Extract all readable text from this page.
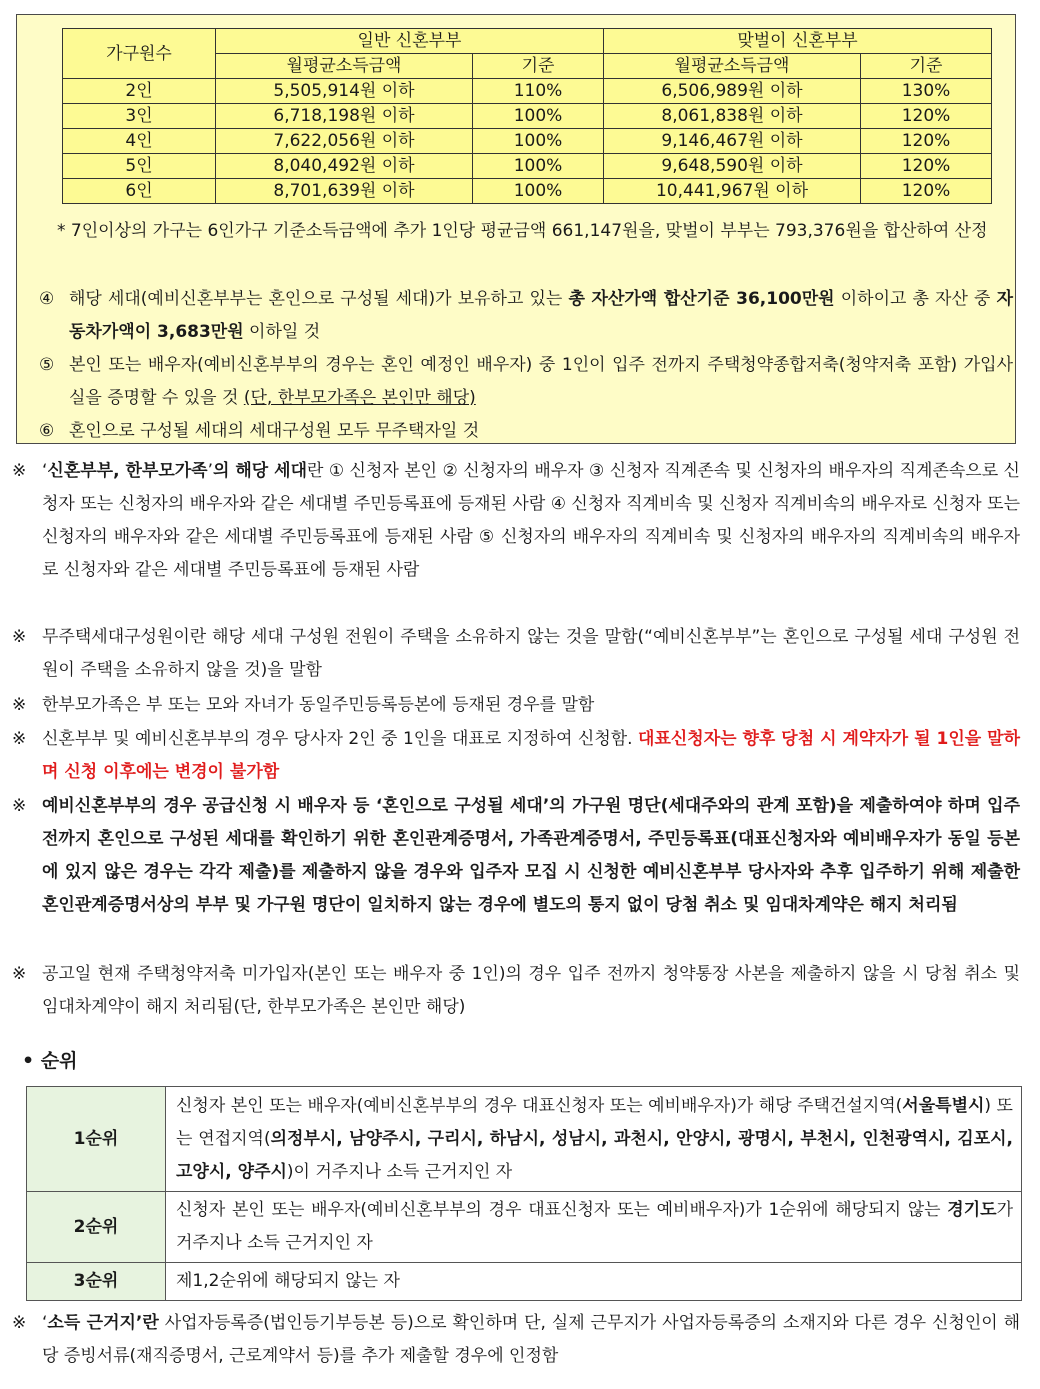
가구원수	일반 신혼부부		맞벌이 신혼부부	
	월평균소득금액	기준	월평균소득금액	기준
2인	5,505,914원 이하	110%	6,506,989원 이하	130%
3인	6,718,198원 이하	100%	8,061,838원 이하	120%
4인	7,622,056원 이하	100%	9,146,467원 이하	120%
5인	8,040,492원 이하	100%	9,648,590원 이하	120%
6인	8,701,639원 이하	100%	10,441,967원 이하	120%
* 7인이상의 가구는 6인가구 기준소득금액에 추가 1인당 평균금액 661,147원을, 맞벌이 부부는 793,376원을 합산하여 산정
④ 해당 세대(예비신혼부부는 혼인으로 구성될 세대)가 보유하고 있는 총 자산가액 합산기준 36,100만원 이하이고 총 자산 중 자동차가액이 3,683만원 이하일 것
⑤ 본인 또는 배우자(예비신혼부부의 경우는 혼인 예정인 배우자) 중 1인이 입주 전까지 주택청약종합저축(청약저축 포함) 가입사실을 증명할 수 있을 것 (단, 한부모가족은 본인만 해당)
⑥ 혼인으로 구성될 세대의 세대구성원 모두 무주택자일 것
※ ‘신혼부부, 한부모가족’의 해당 세대란 ① 신청자 본인 ② 신청자의 배우자 ③ 신청자 직계존속 및 신청자의 배우자의 직계존속으로 신청자 또는 신청자의 배우자와 같은 세대별 주민등록표에 등재된 사람 ④ 신청자 직계비속 및 신청자 직계비속의 배우자로 신청자 또는 신청자의 배우자와 같은 세대별 주민등록표에 등재된 사람 ⑤ 신청자의 배우자의 직계비속 및 신청자의 배우자의 직계비속의 배우자로 신청자와 같은 세대별 주민등록표에 등재된 사람
※ 무주택세대구성원이란 해당 세대 구성원 전원이 주택을 소유하지 않는 것을 말함(“예비신혼부부”는 혼인으로 구성될 세대 구성원 전원이 주택을 소유하지 않을 것)을 말함
※ 한부모가족은 부 또는 모와 자녀가 동일주민등록등본에 등재된 경우를 말함
※ 신혼부부 및 예비신혼부부의 경우 당사자 2인 중 1인을 대표로 지정하여 신청함. 대표신청자는 향후 당첨 시 계약자가 될 1인을 말하며 신청 이후에는 변경이 불가함
※ 예비신혼부부의 경우 공급신청 시 배우자 등 ‘혼인으로 구성될 세대’의 가구원 명단(세대주와의 관계 포함)을 제출하여야 하며 입주 전까지 혼인으로 구성된 세대를 확인하기 위한 혼인관계증명서, 가족관계증명서, 주민등록표(대표신청자와 예비배우자가 동일 등본에 있지 않은 경우는 각각 제출)를 제출하지 않을 경우와 입주자 모집 시 신청한 예비신혼부부 당사자와 추후 입주하기 위해 제출한 혼인관계증명서상의 부부 및 가구원 명단이 일치하지 않는 경우에 별도의 통지 없이 당첨 취소 및 임대차계약은 해지 처리됨
※ 공고일 현재 주택청약저축 미가입자(본인 또는 배우자 중 1인)의 경우 입주 전까지 청약통장 사본을 제출하지 않을 시 당첨 취소 및 임대차계약이 해지 처리됨(단, 한부모가족은 본인만 해당)
• 순위
1순위	신청자 본인 또는 배우자(예비신혼부부의 경우 대표신청자 또는 예비배우자)가 해당 주택건설지역(서울특별시) 또는 연접지역(의정부시, 남양주시, 구리시, 하남시, 성남시, 과천시, 안양시, 광명시, 부천시, 인천광역시, 김포시, 고양시, 양주시)이 거주지나 소득 근거지인 자
2순위	신청자 본인 또는 배우자(예비신혼부부의 경우 대표신청자 또는 예비배우자)가 1순위에 해당되지 않는 경기도가 거주지나 소득 근거지인 자
3순위	제1,2순위에 해당되지 않는 자
※ ‘소득 근거지’란 사업자등록증(법인등기부등본 등)으로 확인하며 단, 실제 근무지가 사업자등록증의 소재지와 다른 경우 신청인이 해당 증빙서류(재직증명서, 근로계약서 등)를 추가 제출할 경우에 인정함
